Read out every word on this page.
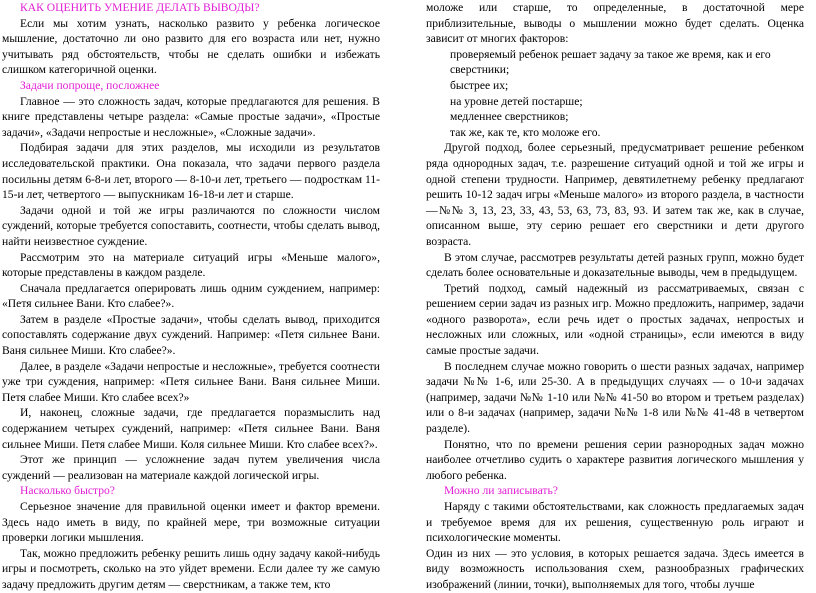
КАК ОЦЕНИТЬ УМЕНИЕ ДЕЛАТЬ ВЫВОДЫ?

Если мы хотим узнать, насколько развито у ребенка логическое мышление, достаточно ли оно развито для его возраста или нет, нужно учитывать ряд обстоятельств, чтобы не сделать ошибки и избежать слишком категоричной оценки.

Задачи попроще, посложнее

Главное — это сложность задач, которые предлагаются для решения. В книге представлены четыре раздела: «Самые простые задачи», «Простые задачи», «Задачи непростые и несложные», «Сложные задачи».

Подбирая задачи для этих разделов, мы исходили из результатов исследовательской практики. Она показала, что задачи первого раздела посильны детям 6-8-и лет, второго — 8-10-и лет, третьего — подросткам 11-15-и лет, четвертого — выпускникам 16-18-и лет и старше.

Задачи одной и той же игры различаются по сложности числом суждений, которые требуется сопоставить, соотнести, чтобы сделать вывод, найти неизвестное суждение.

Рассмотрим это на материале ситуаций игры «Меньше малого», которые представлены в каждом разделе.

Сначала предлагается оперировать лишь одним суждением, например: «Петя сильнее Вани. Кто слабее?».

Затем в разделе «Простые задачи», чтобы сделать вывод, приходится сопоставлять содержание двух суждений. Например: «Петя сильнее Вани. Ваня сильнее Миши. Кто слабее?».

Далее, в разделе «Задачи непростые и несложные», требуется соотнести уже три суждения, например: «Петя сильнее Вани. Ваня сильнее Миши. Петя слабее Миши. Кто слабее всех?»

И, наконец, сложные задачи, где предлагается поразмыслить над содержанием четырех суждений, например: «Петя сильнее Вани. Ваня сильнее Миши. Петя слабее Миши. Коля сильнее Миши. Кто слабее всех?».

Этот же принцип — усложнение задач путем увеличения числа суждений — реализован на материале каждой логической игры.

Насколько быстро?

Серьезное значение для правильной оценки имеет и фактор времени. Здесь надо иметь в виду, по крайней мере, три возможные ситуации проверки логики мышления.

Так, можно предложить ребенку решить лишь одну задачу какой-нибудь игры и посмотреть, сколько на это уйдет времени. Если далее ту же самую задачу предложить другим детям — сверстникам, а также тем, кто

моложе или старше, то определенные, в достаточной мере приблизительные, выводы о мышлении можно будет сделать. Оценка зависит от многих факторов:

проверяемый ребенок решает задачу за такое же время, как и его сверстники;

быстрее их;

на уровне детей постарше;

медленнее сверстников;

так же, как те, кто моложе его.

Другой подход, более серьезный, предусматривает решение ребенком ряда однородных задач, т.е. разрешение ситуаций одной и той же игры и одной степени трудности. Например, девятилетнему ребенку предлагают решить 10-12 задач игры «Меньше малого» из второго раздела, в частности —№№ 3, 13, 23, 33, 43, 53, 63, 73, 83, 93. И затем так же, как в случае, описанном выше, эту серию решает его сверстники и дети другого возраста.

В этом случае, рассмотрев результаты детей разных групп, можно будет сделать более основательные и доказательные выводы, чем в предыдущем.

Третий подход, самый надежный из рассматриваемых, связан с решением серии задач из разных игр. Можно предложить, например, задачи «одного разворота», если речь идет о простых задачах, непростых и несложных или сложных, или «одной страницы», если имеются в виду самые простые задачи.

В последнем случае можно говорить о шести разных задачах, например задачи №№ 1-6, или 25-30. А в предыдущих случаях — о 10-и задачах (например, задачи №№ 1-10 или №№ 41-50 во втором и третьем разделах) или о 8-и задачах (например, задачи №№ 1-8 или №№ 41-48 в четвертом разделе).

Понятно, что по времени решения серии разнородных задач можно наиболее отчетливо судить о характере развития логического мышления у любого ребенка.

Можно ли записывать?

Наряду с такими обстоятельствами, как сложность предлагаемых задач и требуемое время для их решения, существенную роль играют и психологические моменты.

Один из них — это условия, в которых решается задача. Здесь имеется в виду возможность использования схем, разнообразных графических изображений (линии, точки), выполняемых для того, чтобы лучше
